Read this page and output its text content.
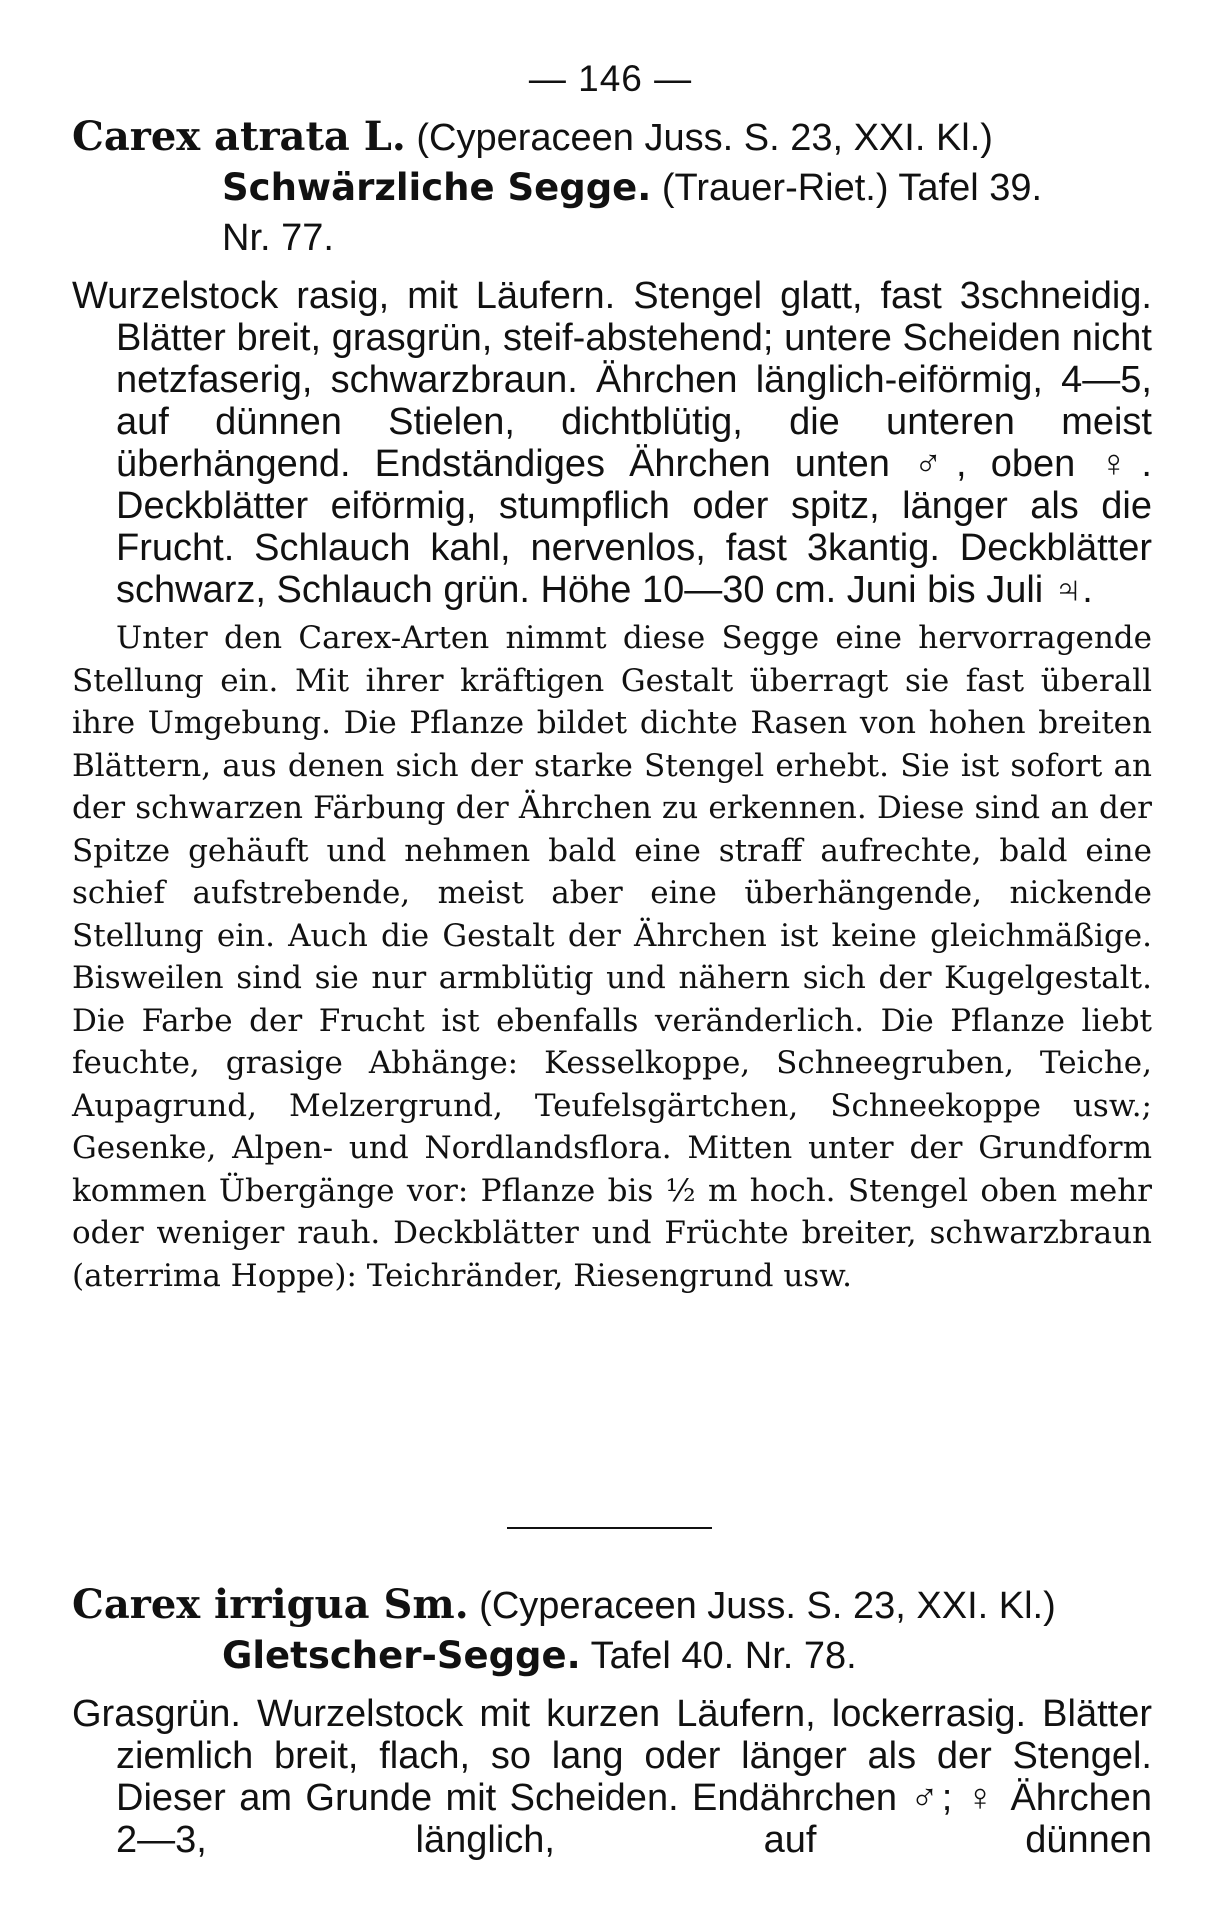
— 146 —
Carex atrata L. (Cyperaceen Juss. S. 23, XXI. Kl.)
Schwärzliche Segge. (Trauer-Riet.) Tafel 39.
Nr. 77.
Wurzelstock rasig, mit Läufern. Stengel glatt, fast 3schneidig. Blätter breit, grasgrün, steif-abstehend; untere Scheiden nicht netzfaserig, schwarzbraun. Ährchen länglich-eiförmig, 4—5, auf dünnen Stielen, dichtblütig, die unteren meist überhängend. Endständiges Ährchen unten ♂, oben ♀. Deckblätter eiförmig, stumpflich oder spitz, länger als die Frucht. Schlauch kahl, nervenlos, fast 3kantig. Deckblätter schwarz, Schlauch grün. Höhe 10—30 cm. Juni bis Juli ♃.
Unter den Carex-Arten nimmt diese Segge eine hervorragende Stellung ein. Mit ihrer kräftigen Gestalt überragt sie fast überall ihre Umgebung. Die Pflanze bildet dichte Rasen von hohen breiten Blättern, aus denen sich der starke Stengel erhebt. Sie ist sofort an der schwarzen Färbung der Ährchen zu erkennen. Diese sind an der Spitze gehäuft und nehmen bald eine straff aufrechte, bald eine schief aufstrebende, meist aber eine überhängende, nickende Stellung ein. Auch die Gestalt der Ährchen ist keine gleichmäßige. Bisweilen sind sie nur armblütig und nähern sich der Kugelgestalt. Die Farbe der Frucht ist ebenfalls veränderlich. Die Pflanze liebt feuchte, grasige Abhänge: Kesselkoppe, Schneegruben, Teiche, Aupagrund, Melzergrund, Teufelsgärtchen, Schneekoppe usw.; Gesenke, Alpen- und Nordlandsflora. Mitten unter der Grundform kommen Übergänge vor: Pflanze bis ½ m hoch. Stengel oben mehr oder weniger rauh. Deckblätter und Früchte breiter, schwarzbraun (aterrima Hoppe): Teichränder, Riesengrund usw.
Carex irrigua Sm. (Cyperaceen Juss. S. 23, XXI. Kl.)
Gletscher-Segge. Tafel 40. Nr. 78.
Grasgrün. Wurzelstock mit kurzen Läufern, lockerrasig. Blätter ziemlich breit, flach, so lang oder länger als der Stengel. Dieser am Grunde mit Scheiden. Endährchen ♂; ♀ Ährchen 2—3, länglich, auf dünnen
